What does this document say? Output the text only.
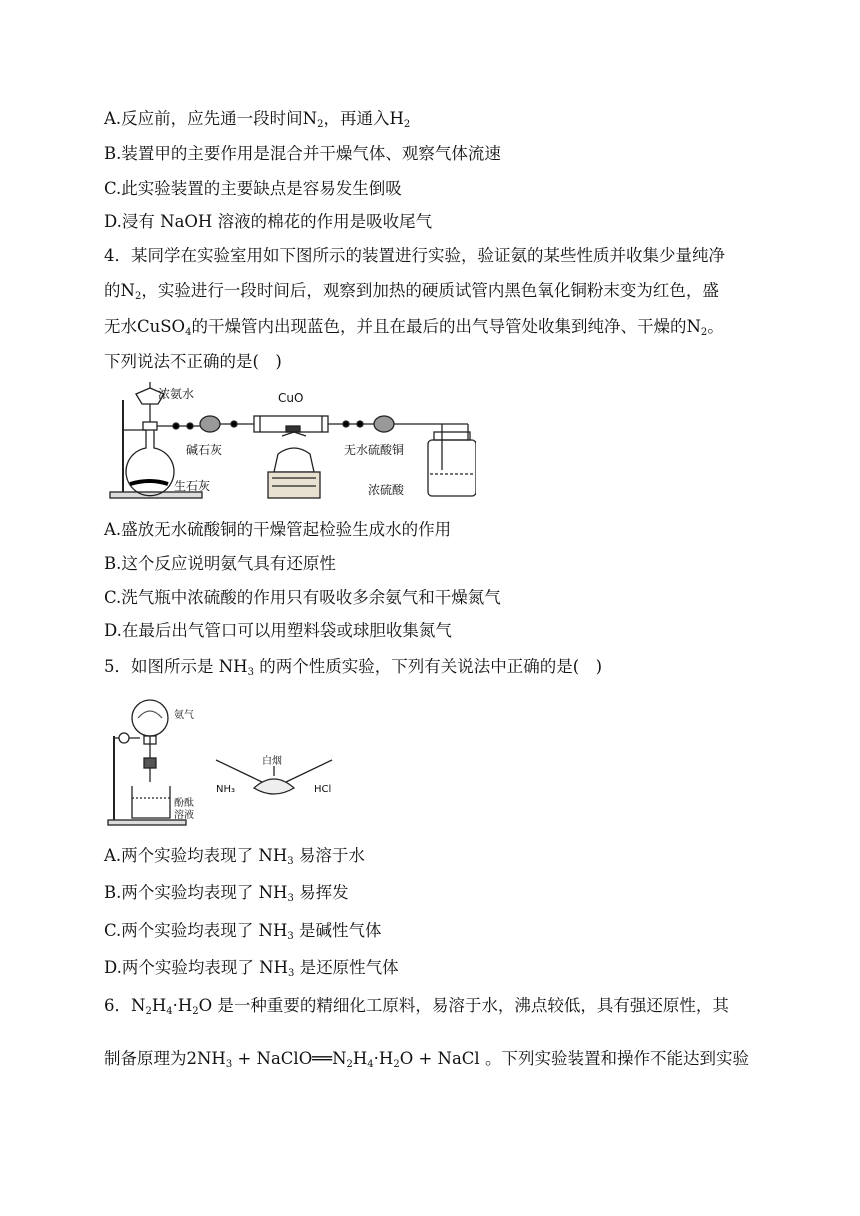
A.反应前，应先通一段时间$N_2$，再通入$H_2$
B.装置甲的主要作用是混合并干燥气体、观察气体流速
C.此实验装置的主要缺点是容易发生倒吸
D.浸有 NaOH 溶液的棉花的作用是吸收尾气
4．某同学在实验室用如下图所示的装置进行实验，验证氨的某些性质并收集少量纯净
的$N_2$，实验进行一段时间后，观察到加热的硬质试管内黑色氧化铜粉末变为红色，盛
无水CuSO$_4$的干燥管内出现蓝色，并且在最后的出气导管处收集到纯净、干燥的$N_2$。
下列说法不正确的是(　)
浓氨水	CuO
碱石灰	无水硫酸铜
生石灰	浓硫酸
A.盛放无水硫酸铜的干燥管起检验生成水的作用
B.这个反应说明氨气具有还原性
C.洗气瓶中浓硫酸的作用只有吸收多余氨气和干燥氮气
D.在最后出气管口可以用塑料袋或球胆收集氮气
5．如图所示是 $NH_3$ 的两个性质实验，下列有关说法中正确的是(　)
氨气
酚酞
溶液
白烟
NH₃	HCl
A.两个实验均表现了 $NH_3$ 易溶于水
B.两个实验均表现了 $NH_3$ 易挥发
C.两个实验均表现了 $NH_3$ 是碱性气体
D.两个实验均表现了 $NH_3$ 是还原性气体
6．$N_2H_4\cdot H_2O$ 是一种重要的精细化工原料，易溶于水，沸点较低，具有强还原性，其
制备原理为$2NH_3$ + $NaClO══N_2H_4\cdot H_2O$ + NaCl 。下列实验装置和操作不能达到实验
